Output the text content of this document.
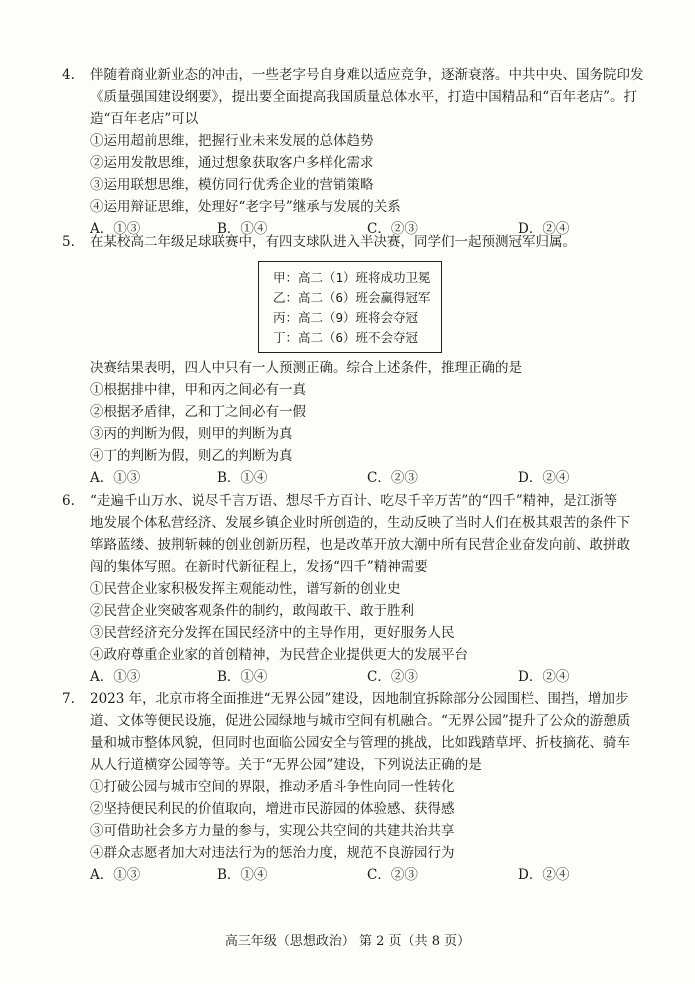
4. 伴随着商业新业态的冲击，一些老字号自身难以适应竞争，逐渐衰落。中共中央、国务院印发
《质量强国建设纲要》，提出要全面提高我国质量总体水平，打造中国精品和“百年老店”。打
造“百年老店”可以
①运用超前思维，把握行业未来发展的总体趋势
②运用发散思维，通过想象获取客户多样化需求
③运用联想思维，模仿同行优秀企业的营销策略
④运用辩证思维，处理好“老字号”继承与发展的关系
A．①③	B．①④	C．②③	D．②④
5. 在某校高二年级足球联赛中，有四支球队进入半决赛，同学们一起预测冠军归属。
甲：高二（1）班将成功卫冕
乙：高二（6）班会赢得冠军
丙：高二（9）班将会夺冠
丁：高二（6）班不会夺冠
决赛结果表明，四人中只有一人预测正确。综合上述条件，推理正确的是
①根据排中律，甲和丙之间必有一真
②根据矛盾律，乙和丁之间必有一假
③丙的判断为假，则甲的判断为真
④丁的判断为假，则乙的判断为真
A．①③	B．①④	C．②③	D．②④
6. “走遍千山万水、说尽千言万语、想尽千方百计、吃尽千辛万苦”的“四千”精神，是江浙等
地发展个体私营经济、发展乡镇企业时所创造的，生动反映了当时人们在极其艰苦的条件下
筚路蓝缕、披荆斩棘的创业创新历程，也是改革开放大潮中所有民营企业奋发向前、敢拼敢
闯的集体写照。在新时代新征程上，发扬“四千”精神需要
①民营企业家积极发挥主观能动性，谱写新的创业史
②民营企业突破客观条件的制约，敢闯敢干、敢于胜利
③民营经济充分发挥在国民经济中的主导作用，更好服务人民
④政府尊重企业家的首创精神，为民营企业提供更大的发展平台
A．①③	B．①④	C．②③	D．②④
7. 2023 年，北京市将全面推进“无界公园”建设，因地制宜拆除部分公园围栏、围挡，增加步
道、文体等便民设施，促进公园绿地与城市空间有机融合。“无界公园”提升了公众的游憩质
量和城市整体风貌，但同时也面临公园安全与管理的挑战，比如践踏草坪、折枝摘花、骑车
从人行道横穿公园等等。关于“无界公园”建设，下列说法正确的是
①打破公园与城市空间的界限，推动矛盾斗争性向同一性转化
②坚持便民利民的价值取向，增进市民游园的体验感、获得感
③可借助社会多方力量的参与，实现公共空间的共建共治共享
④群众志愿者加大对违法行为的惩治力度，规范不良游园行为
A．①③	B．①④	C．②③	D．②④
高三年级（思想政治） 第 2 页（共 8 页）
